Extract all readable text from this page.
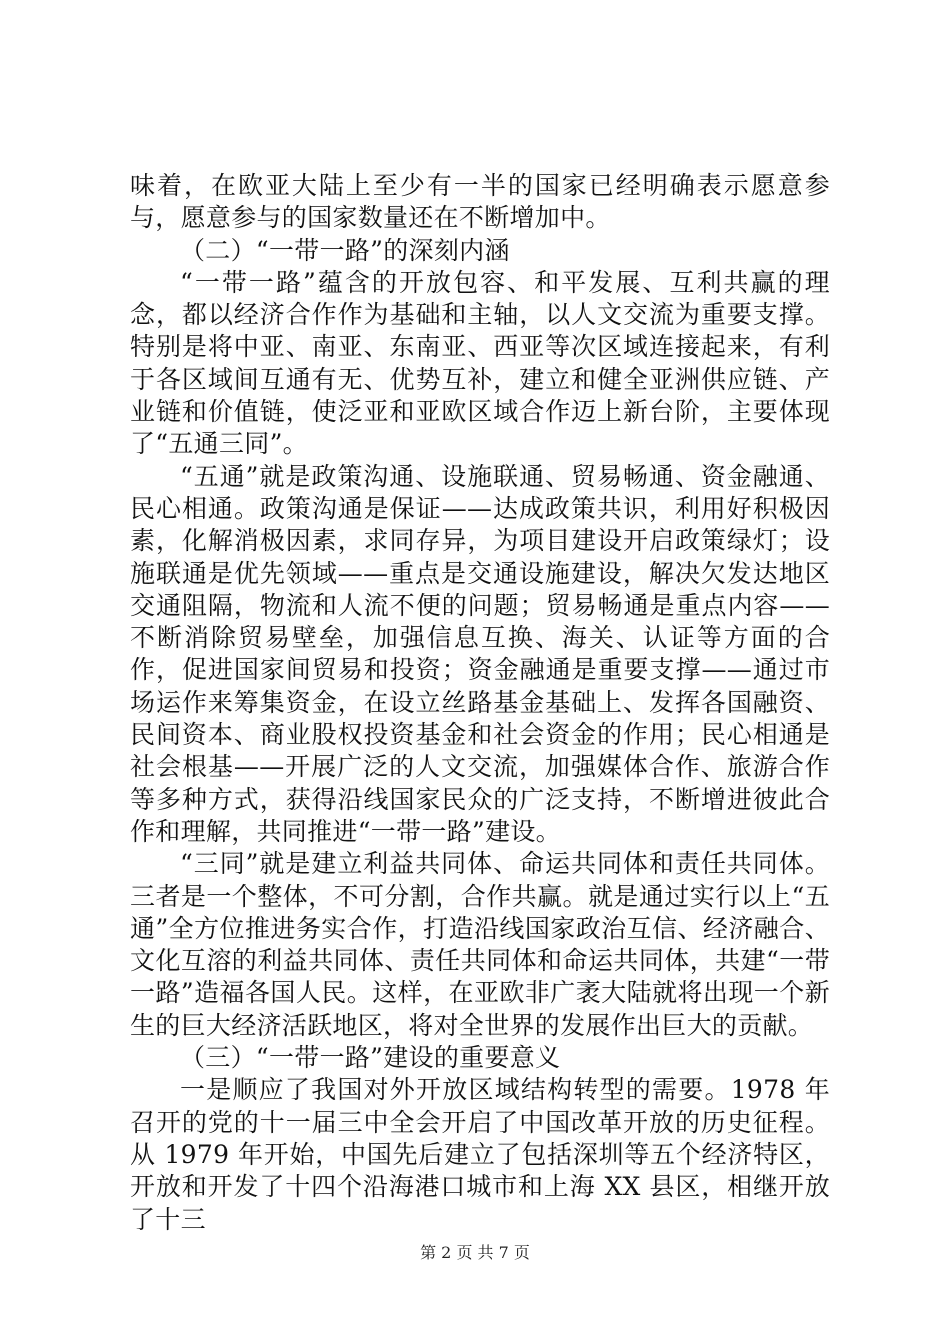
味着，在欧亚大陆上至少有一半的国家已经明确表示愿意参与，愿意参与的国家数量还在不断增加中。

（二）“一带一路”的深刻内涵

“一带一路”蕴含的开放包容、和平发展、互利共赢的理念，都以经济合作作为基础和主轴，以人文交流为重要支撑。特别是将中亚、南亚、东南亚、西亚等次区域连接起来，有利于各区域间互通有无、优势互补，建立和健全亚洲供应链、产业链和价值链，使泛亚和亚欧区域合作迈上新台阶，主要体现了“五通三同”。

“五通”就是政策沟通、设施联通、贸易畅通、资金融通、民心相通。政策沟通是保证——达成政策共识，利用好积极因素，化解消极因素，求同存异，为项目建设开启政策绿灯；设施联通是优先领域——重点是交通设施建设，解决欠发达地区交通阻隔，物流和人流不便的问题；贸易畅通是重点内容——不断消除贸易壁垒，加强信息互换、海关、认证等方面的合作，促进国家间贸易和投资；资金融通是重要支撑——通过市场运作来筹集资金，在设立丝路基金基础上、发挥各国融资、民间资本、商业股权投资基金和社会资金的作用；民心相通是社会根基——开展广泛的人文交流，加强媒体合作、旅游合作等多种方式，获得沿线国家民众的广泛支持，不断增进彼此合作和理解，共同推进“一带一路”建设。

“三同”就是建立利益共同体、命运共同体和责任共同体。三者是一个整体，不可分割，合作共赢。就是通过实行以上“五通”全方位推进务实合作，打造沿线国家政治互信、经济融合、文化互溶的利益共同体、责任共同体和命运共同体，共建“一带一路”造福各国人民。这样，在亚欧非广袤大陆就将出现一个新生的巨大经济活跃地区，将对全世界的发展作出巨大的贡献。

（三）“一带一路”建设的重要意义

一是顺应了我国对外开放区域结构转型的需要。1978 年召开的党的十一届三中全会开启了中国改革开放的历史征程。从 1979 年开始，中国先后建立了包括深圳等五个经济特区，开放和开发了十四个沿海港口城市和上海 XX 县区，相继开放了十三

第 2 页 共 7 页
